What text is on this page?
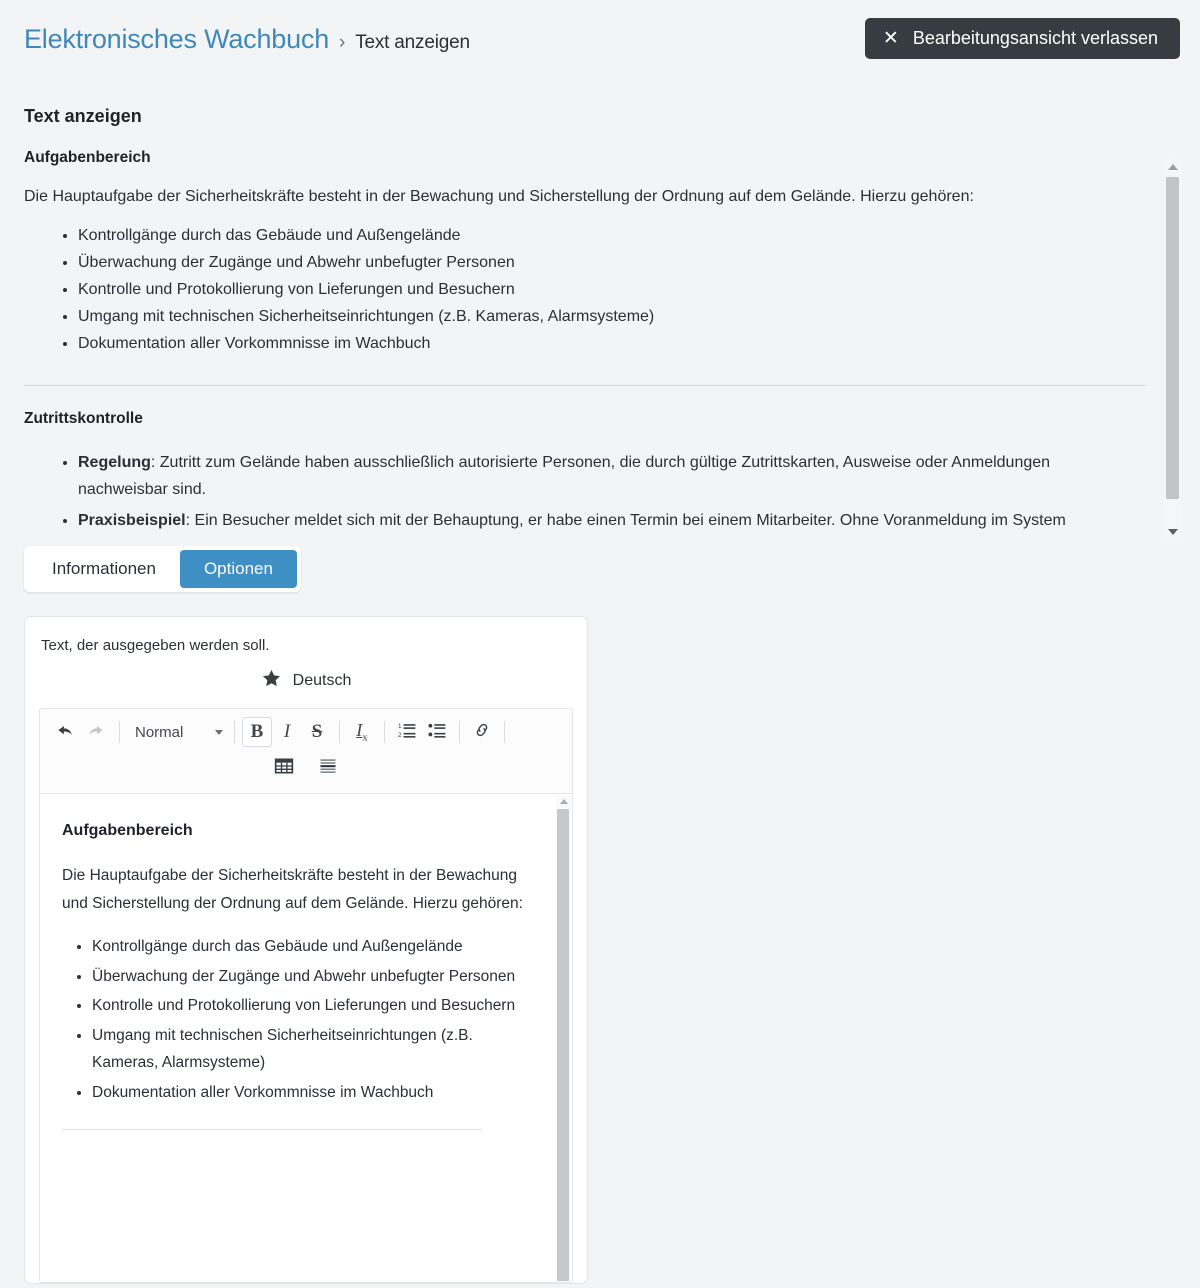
Elektronisches Wachbuch › Text anzeigen	✕ Bearbeitungsansicht verlassen
Text anzeigen
Aufgabenbereich

Die Hauptaufgabe der Sicherheitskräfte besteht in der Bewachung und Sicherstellung der Ordnung auf dem Gelände. Hierzu gehören:

• Kontrollgänge durch das Gebäude und Außengelände
• Überwachung der Zugänge und Abwehr unbefugter Personen
• Kontrolle und Protokollierung von Lieferungen und Besuchern
• Umgang mit technischen Sicherheitseinrichtungen (z.B. Kameras, Alarmsysteme)
• Dokumentation aller Vorkommnisse im Wachbuch
Zutrittskontrolle
• Regelung: Zutritt zum Gelände haben ausschließlich autorisierte Personen, die durch gültige Zutrittskarten, Ausweise oder Anmeldungen nachweisbar sind.
• Praxisbeispiel: Ein Besucher meldet sich mit der Behauptung, er habe einen Termin bei einem Mitarbeiter. Ohne Voranmeldung im System
Informationen	Optionen
Text, der ausgegeben werden soll.
Deutsch
Normal	B I S $I_x$
1
2
Aufgabenbereich

Die Hauptaufgabe der Sicherheitskräfte besteht in der Bewachung und Sicherstellung der Ordnung auf dem Gelände. Hierzu gehören:

• Kontrollgänge durch das Gebäude und Außengelände
• Überwachung der Zugänge und Abwehr unbefugter Personen
• Kontrolle und Protokollierung von Lieferungen und Besuchern
• Umgang mit technischen Sicherheitseinrichtungen (z.B. Kameras, Alarmsysteme)
• Dokumentation aller Vorkommnisse im Wachbuch
